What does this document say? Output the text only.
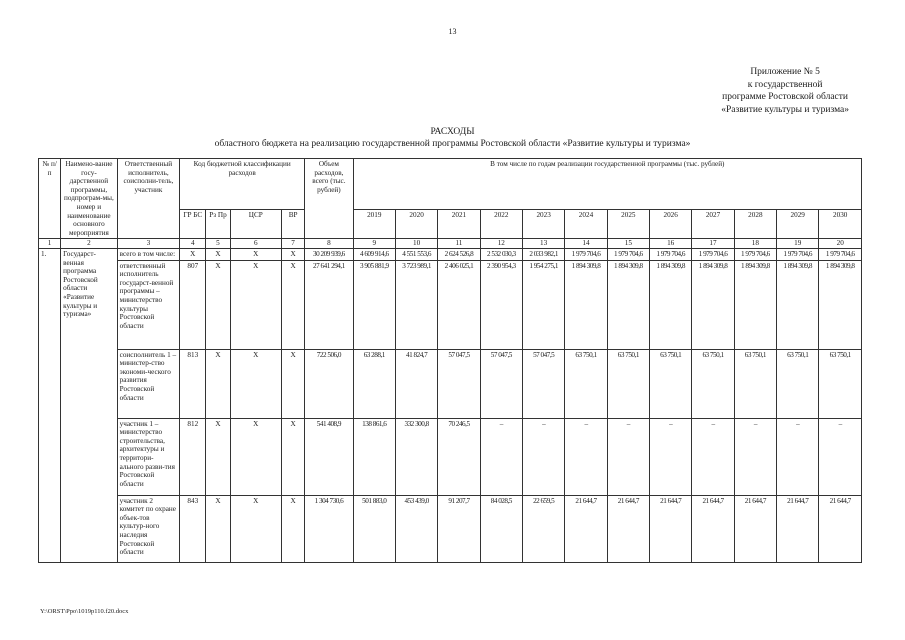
13
Приложение № 5
к государственной
программе Ростовской области
«Развитие культуры и туризма»
РАСХОДЫ
областного бюджета на реализацию государственной программы Ростовской области «Развитие культуры и туризма»
№ п/п	Наимено-вание госу-дарственной программы, подпрограм-мы, номер и наименование основного мероприятия	Ответственный исполнитель, соисполни-тель, участник	Код бюджетной классификации расходов				Объем расходов, всего (тыс. рублей)	В том числе по годам реализации государственной программы (тыс. рублей)											
			ГР БС	Рз Пр	ЦСР	ВР		2019	2020	2021	2022	2023	2024	2025	2026	2027	2028	2029	2030
1	2	3	4	5	6	7	8	9	10	11	12	13	14	15	16	17	18	19	20
1.	Государст-венная программа Ростовской области «Развитие культуры и туризма»	всего в том числе:	X	X	X	X	30 209 939,6	4 609 914,6	4 551 553,6	2 624 526,8	2 532 030,3	2 033 982,1	1 979 704,6	1 979 704,6	1 979 704,6	1 979 704,6	1 979 704,6	1 979 704,6	1 979 704,6
		ответственный исполнитель государст-венной программы – министерство культуры Ростовской области	807	X	X	X	27 641 294,1	3 905 881,9	3 723 989,1	2 406 025,1	2 390 954,3	1 954 275,1	1 894 309,8	1 894 309,8	1 894 309,8	1 894 309,8	1 894 309,8	1 894 309,8	1 894 309,8
		соисполнитель 1 – министер-ство экономи-ческого развития Ростовской области	813	X	X	X	722 506,0	63 288,1	41 824,7	57 047,5	57 047,5	57 047,5	63 750,1	63 750,1	63 750,1	63 750,1	63 750,1	63 750,1	63 750,1
		участник 1 – министерство строительства, архитектуры и территори-ального разви-тия Ростовской области	812	X	X	X	541 408,9	138 861,6	332 300,8	70 246,5	–	–	–	–	–	–	–	–	–
		участник 2 комитет по охране объек-тов культур-ного наследия Ростовской области	843	X	X	X	1 304 730,6	501 883,0	453 439,0	91 207,7	84 028,5	22 659,5	21 644,7	21 644,7	21 644,7	21 644,7	21 644,7	21 644,7	21 644,7
Y:\ORST\Ppo\1019p110.f20.docx
